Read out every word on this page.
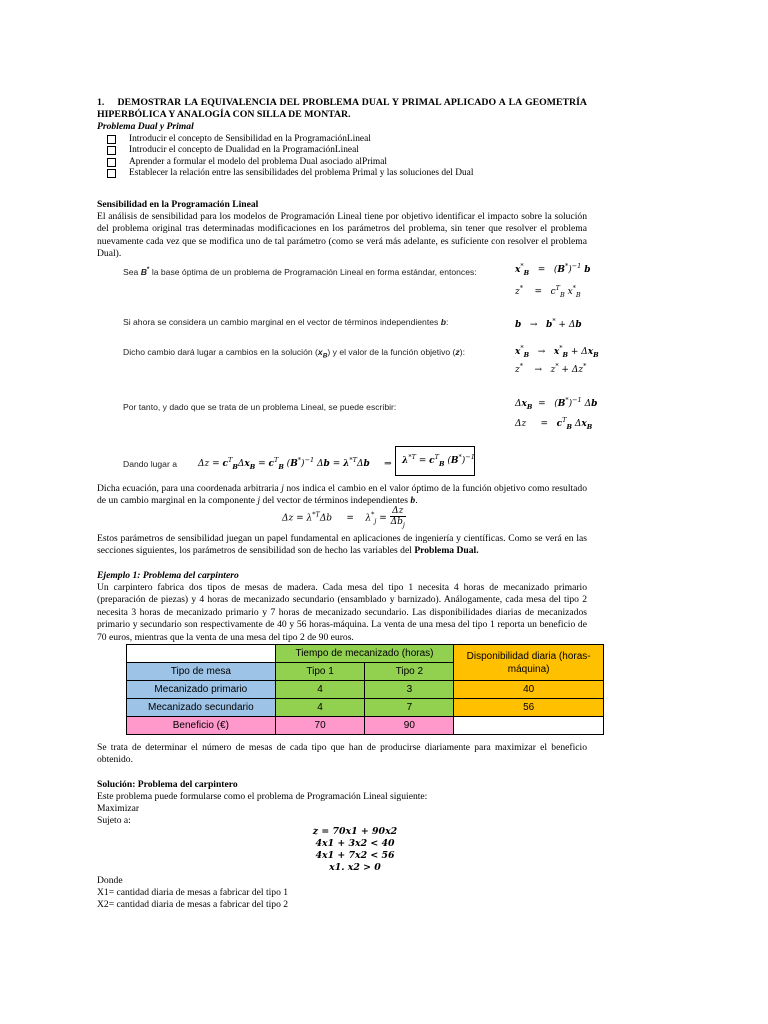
1. DEMOSTRAR LA EQUIVALENCIA DEL PROBLEMA DUAL Y PRIMAL APLICADO A LA GEOMETRÍA HIPERBÓLICA Y ANALOGÍA CON SILLA DE MONTAR.
Problema Dual y Primal
Introducir el concepto de Sensibilidad en la ProgramaciónLineal
Introducir el concepto de Dualidad en la ProgramaciónLineal
Aprender a formular el modelo del problema Dual asociado alPrimal
Establecer la relación entre las sensibilidades del problema Primal y las soluciones del Dual
Sensibilidad en la Programación Lineal
El análisis de sensibilidad para los modelos de Programación Lineal tiene por objetivo identificar el impacto sobre la solución del problema original tras determinadas modificaciones en los parámetros del problema, sin tener que resolver el problema nuevamente cada vez que se modifica uno de tal parámetro (como se verá más adelante, es suficiente con resolver el problema Dual).
Sea B* la base óptima de un problema de Programación Lineal en forma estándar, entonces:	$x^*_B = (B^*)^{-1}$ b
z*    =   $c^T_B$ $x^*_B$
Si ahora se considera un cambio marginal en el vector de términos independientes b:	b   →   b* + Δb
Dicho cambio dará lugar a cambios en la solución $(x_B)$ y el valor de la función objetivo (z):	$x^*_B \to x^*_B + \Delta x_B$
z*    →   z* + Δz*
Por tanto, y dado que se trata de un problema Lineal, se puede escribir:	$\Delta x_B = (B^*)^{-1}$ Δb
Δz     =   $c^T_B$ $\Delta x_B$
Dando lugar a $\Delta z = c^T_B\Delta x_B = c^T_B$ $(B^*)^{-1}$ $\Delta b = \lambda^{*T}\Delta b$     ⇒	$\lambda^{*T} = c^T_B$ $(B^*)^{-1}$
Dicha ecuación, para una coordenada arbitraria j nos indica el cambio en el valor óptimo de la función objetivo como resultado de un cambio marginal en la componente j del vector de términos independientes b.
$\Delta z = \lambda^{*T}\Delta b$     =    $\lambda^*_j = \frac{\Delta z}{\Delta b_j}$
Estos parámetros de sensibilidad juegan un papel fundamental en aplicaciones de ingeniería y científicas. Como se verá en las secciones siguientes, los parámetros de sensibilidad son de hecho las variables del Problema Dual.
Ejemplo 1: Problema del carpintero
Un carpintero fabrica dos tipos de mesas de madera. Cada mesa del tipo 1 necesita 4 horas de mecanizado primario (preparación de piezas) y 4 horas de mecanizado secundario (ensamblado y barnizado). Análogamente, cada mesa del tipo 2 necesita 3 horas de mecanizado primario y 7 horas de mecanizado secundario. Las disponibilidades diarias de mecanizados primario y secundario son respectivamente de 40 y 56 horas-máquina. La venta de una mesa del tipo 1 reporta un beneficio de 70 euros, mientras que la venta de una mesa del tipo 2 de 90 euros.
	Tiempo de mecanizado (horas)		Disponibilidad diaria (horas-máquina)
Tipo de mesa	Tipo 1	Tipo 2	
Mecanizado primario	4	3	40
Mecanizado secundario	4	7	56
Beneficio (€)	70	90	
Se trata de determinar el número de mesas de cada tipo que han de producirse diariamente para maximizar el beneficio obtenido.
Solución: Problema del carpintero
Este problema puede formularse como el problema de Programación Lineal siguiente:
Maximizar
Sujeto a:
z = 70x1 + 90x2
4x1 + 3x2 < 40
4x1 + 7x2 < 56
x1. x2 > 0
Donde
X1= cantidad diaria de mesas a fabricar del tipo 1
X2= cantidad diaria de mesas a fabricar del tipo 2
